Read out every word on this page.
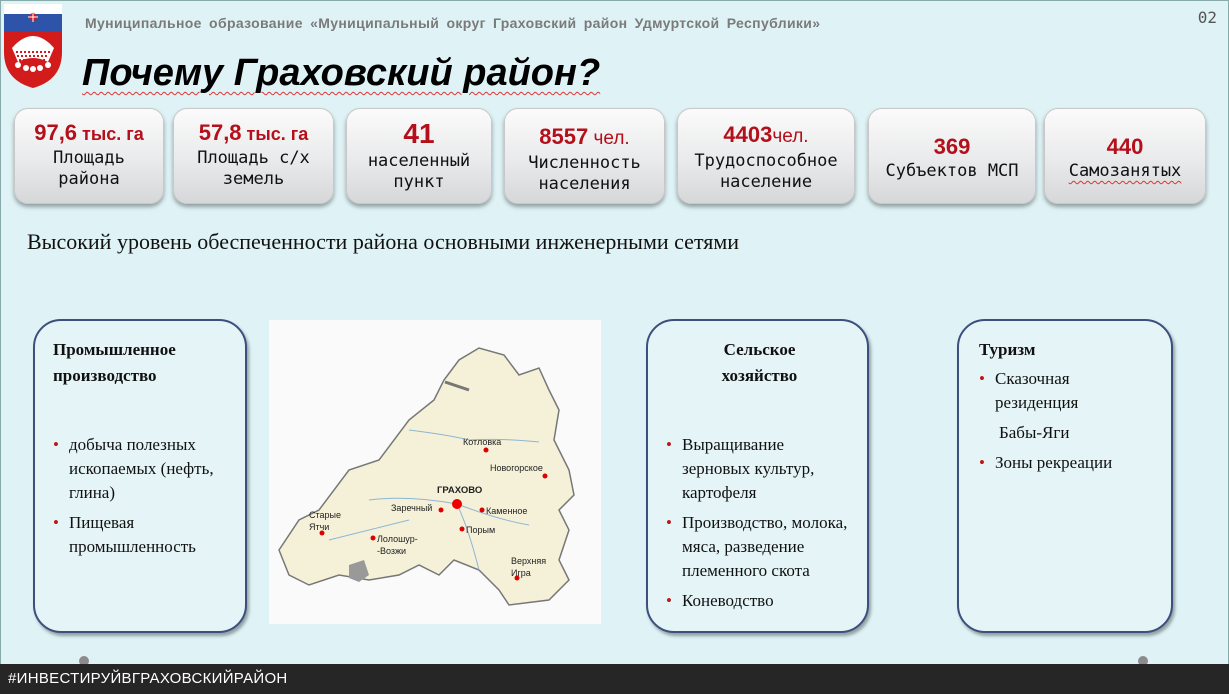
Муниципальное образование «Муниципальный округ Граховский район Удмуртской Республики»	02
Почему Граховский район?
97,6 тыс. га
Площадь
района
57,8 тыс. га
Площадь с/х
земель
41
населенный
пункт
8557 чел.
Численность
населения
4403чел.
Трудоспособное
население
369
Субъектов МСП
440
Самозанятых
Высокий уровень обеспеченности района основными инженерными сетями
Промышленное
производство
• добыча полезных ископаемых (нефть, глина)
• Пищевая промышленность
Котловка
Новогорское
ГРАХОВО
Заречный	Каменное
Старые
Ятчи	Порым
Лолошур-
-Возжи
Верхняя
Игра
Сельское
хозяйство
• Выращивание зерновых культур, картофеля
• Производство, молока, мяса, разведение племенного скота
• Коневодство
Туризм
• Сказочная
резиденция
Бабы-Яги
• Зоны рекреации
#ИНВЕСТИРУЙВГРАХОВСКИЙРАЙОН
